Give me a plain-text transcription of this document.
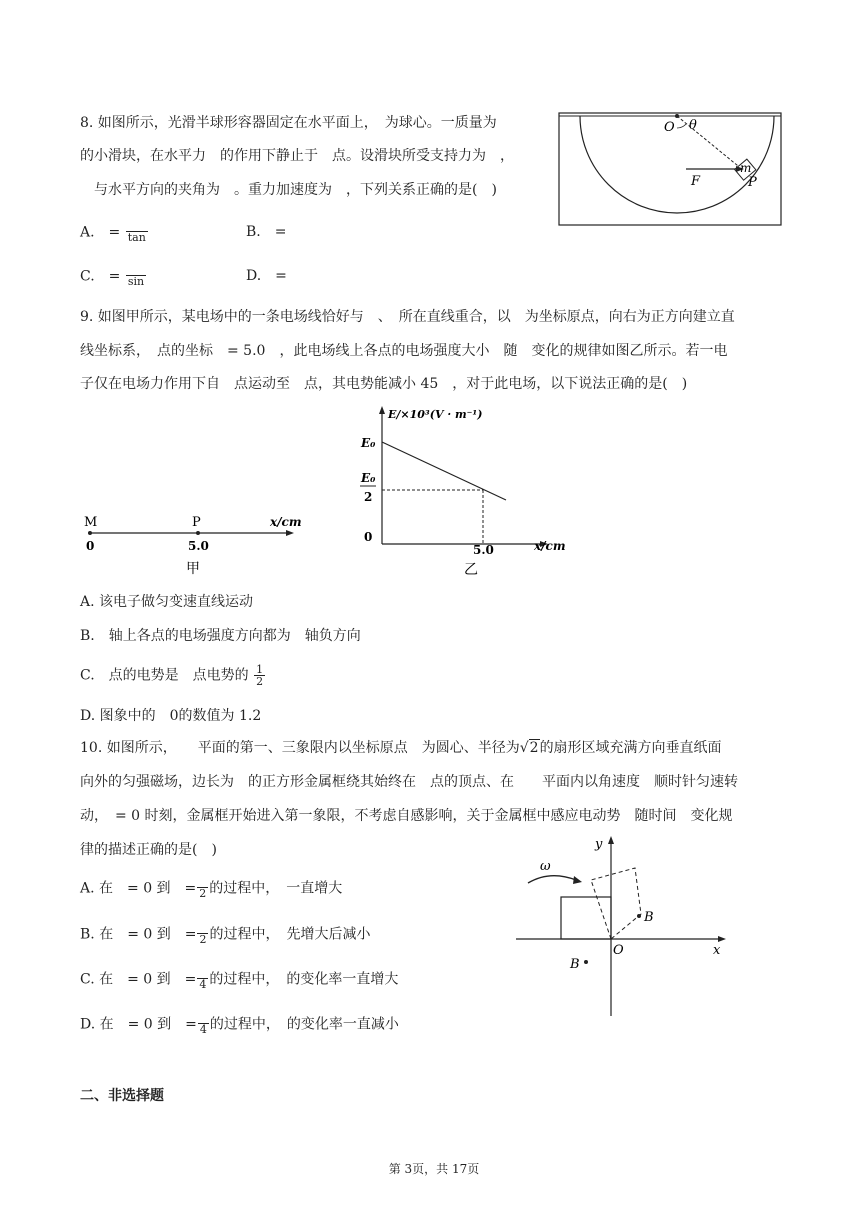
8. 如图所示，光滑半球形容器固定在水平面上，　为球心。一质量为
的小滑块，在水平力　的作用下静止于　点。设滑块所受支持力为　，
　与水平方向的夹角为　。重力加速度为　，下列关系正确的是(　)
A.　= tan	B.　=
C.　= sin	D.　=
O θ
m
F	P
9. 如图甲所示，某电场中的一条电场线恰好与　、　所在直线重合，以　为坐标原点，向右为正方向建立直
线坐标系，　点的坐标　= 5.0　，此电场线上各点的电场强度大小　随　变化的规律如图乙所示。若一电
子仅在电场力作用下自　点运动至　点，其电势能减小 45　，对于此电场，以下说法正确的是(　)
M	P	x/cm
0	5.0
甲
E/×10³(V · m⁻¹)
E₀
E₀
2
0
5.0	x/cm
乙
A. 该电子做匀变速直线运动
B.　轴上各点的电场强度方向都为　轴负方向
C.　点的电势是　点电势的 $\frac{1}{2}$
D. 图象中的　0的数值为 1.2
10. 如图所示，　　平面的第一、三象限内以坐标原点　为圆心、半径为√2的扇形区域充满方向垂直纸面
向外的匀强磁场，边长为　的正方形金属框绕其始终在　点的顶点、在　　平面内以角速度　顺时针匀速转
动，　= 0 时刻，金属框开始进入第一象限，不考虑自感影响，关于金属框中感应电动势　随时间　变化规
律的描述正确的是(　)
A. 在　= 0 到　= 2 的过程中，　一直增大
B. 在　= 0 到　= 2 的过程中，　先增大后减小
C. 在　= 0 到　= 4 的过程中，　的变化率一直增大
D. 在　= 0 到　= 4 的过程中，　的变化率一直减小
ω
y
x
O
B
B
二、非选择题
第 3页，共 17页
